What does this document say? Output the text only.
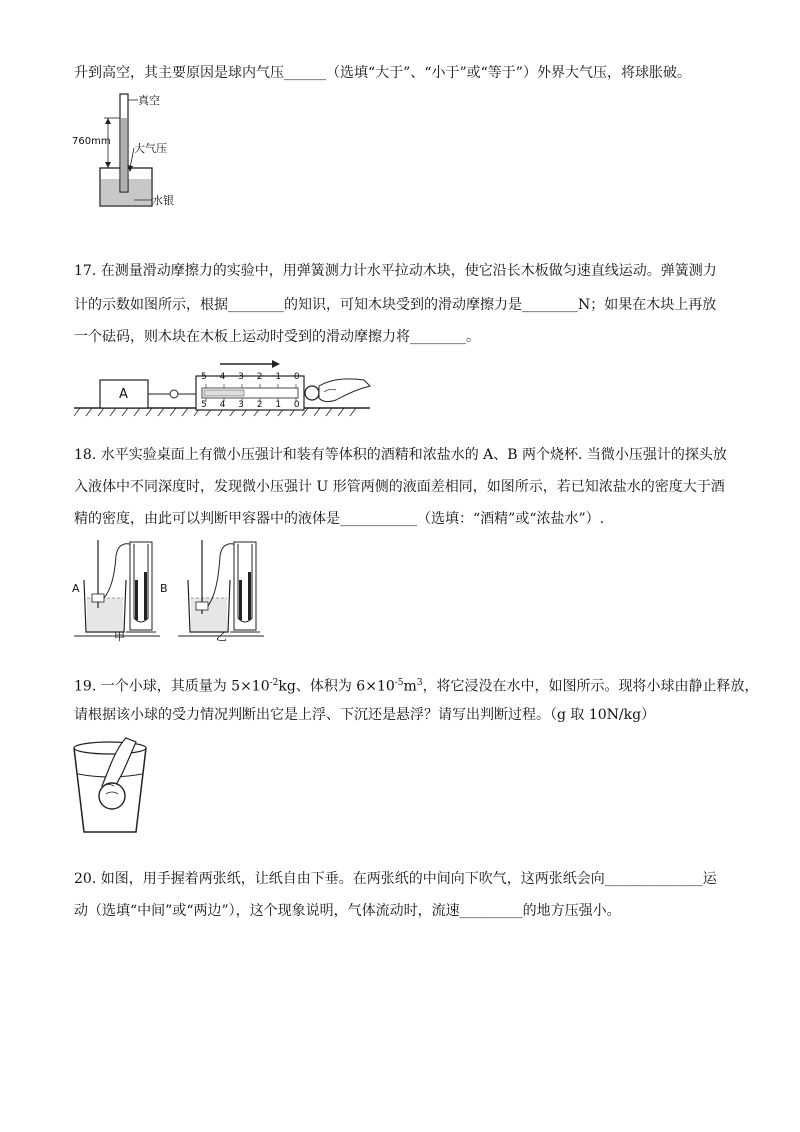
升到高空，其主要原因是球内气压______（选填“大于”、“小于”或“等于”）外界大气压，将球胀破。
真空
760mm
大气压
水银
17. 在测量滑动摩擦力的实验中，用弹簧测力计水平拉动木块，使它沿长木板做匀速直线运动。弹簧测力
计的示数如图所示，根据________的知识，可知木块受到的滑动摩擦力是________N；如果在木块上再放
一个砝码，则木块在木板上运动时受到的滑动摩擦力将________。
A
5 4 3 2 1 0
5 4 3 2 1 0
18. 水平实验桌面上有微小压强计和装有等体积的酒精和浓盐水的 A、B 两个烧杯. 当微小压强计的探头放
入液体中不同深度时，发现微小压强计 U 形管两侧的液面差相同，如图所示，若已知浓盐水的密度大于酒
精的密度，由此可以判断甲容器中的液体是___________（选填：“酒精”或“浓盐水”）.
A	B
甲	乙
19. 一个小球，其质量为 $5\times 10^{-2}kg$、体积为 $6\times 10^{-5}m^3$，将它浸没在水中，如图所示。现将小球由静止释放，
请根据该小球的受力情况判断出它是上浮、下沉还是悬浮？请写出判断过程。（g 取 10N/kg）
20. 如图，用手握着两张纸，让纸自由下垂。在两张纸的中间向下吹气，这两张纸会向______________运
动（选填“中间”或“两边”），这个现象说明，气体流动时，流速_________的地方压强小。
